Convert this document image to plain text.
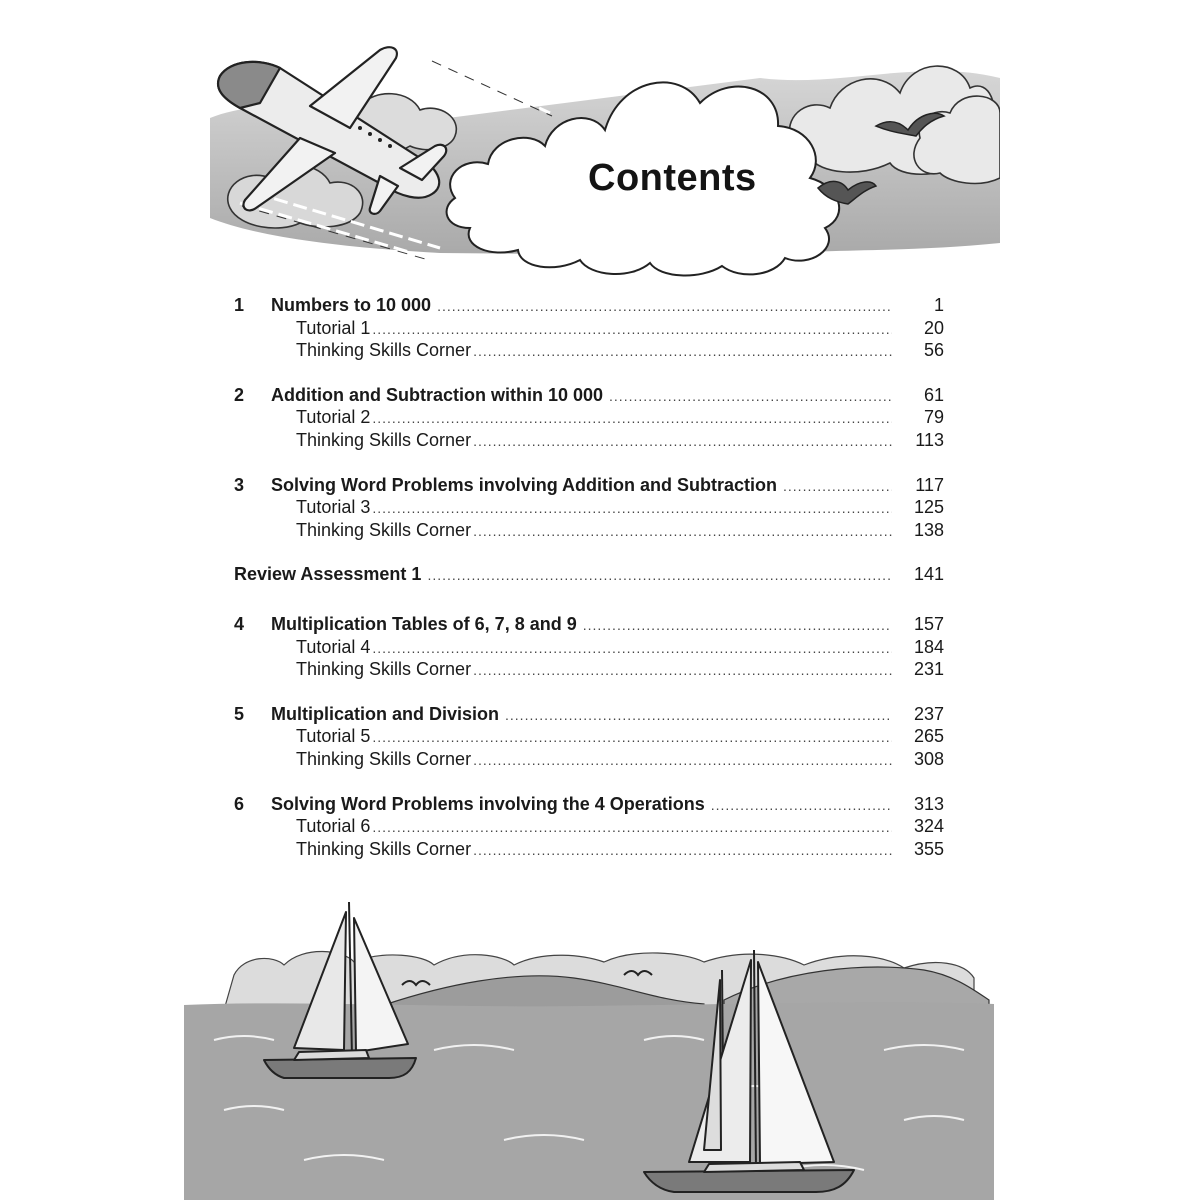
Contents
1	Numbers to 10 000 .....	1
Tutorial 1 .....	20
Thinking Skills Corner .....	56
2	Addition and Subtraction within 10 000 .....	61
Tutorial 2 .....	79
Thinking Skills Corner .....	113
3	Solving Word Problems involving Addition and Subtraction .....	117
Tutorial 3 .....	125
Thinking Skills Corner .....	138
Review Assessment 1 .....	141
4	Multiplication Tables of 6, 7, 8 and 9 .....	157
Tutorial 4 .....	184
Thinking Skills Corner .....	231
5	Multiplication and Division .....	237
Tutorial 5 .....	265
Thinking Skills Corner .....	308
6	Solving Word Problems involving the 4 Operations .....	313
Tutorial 6 .....	324
Thinking Skills Corner .....	355
